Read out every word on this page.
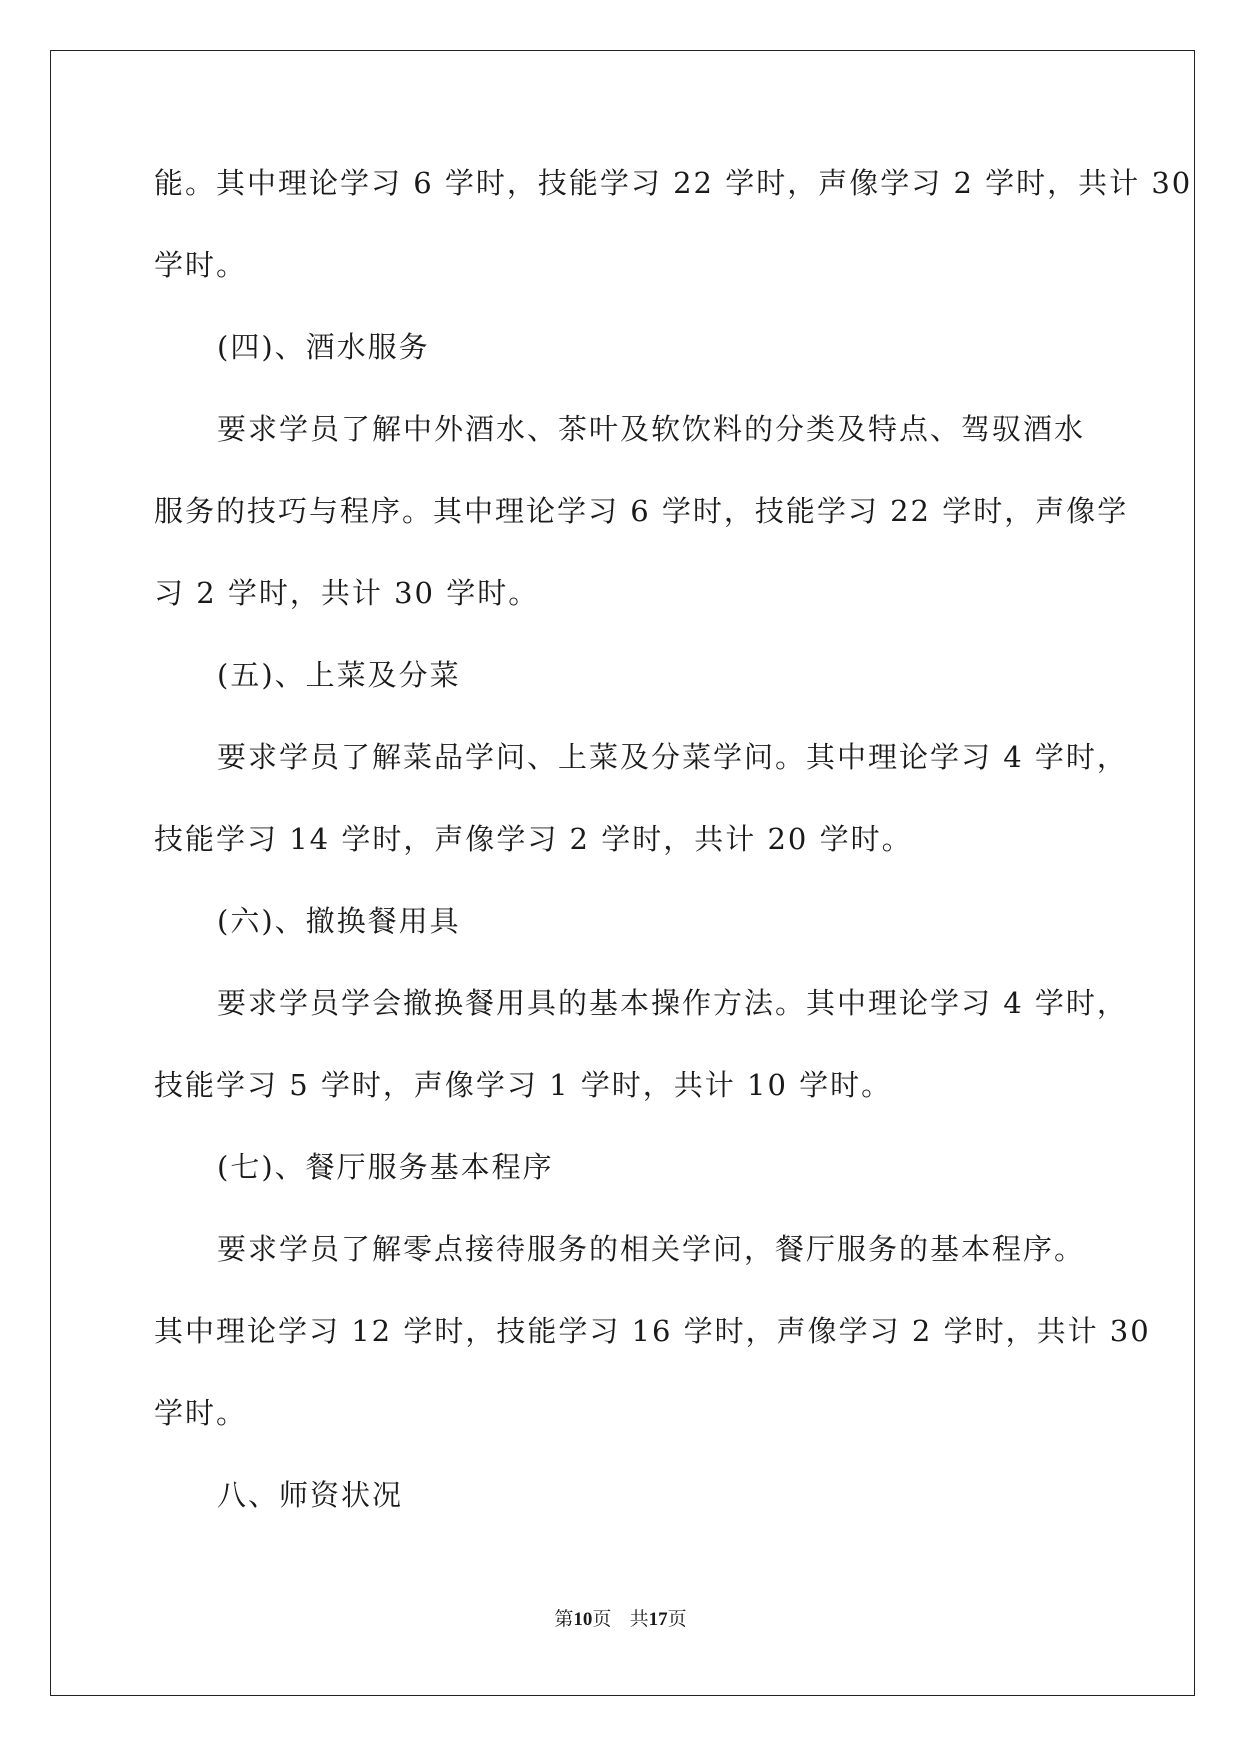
能。其中理论学习 6 学时，技能学习 22 学时，声像学习 2 学时，共计 30
学时。
(四)、酒水服务
要求学员了解中外酒水、茶叶及软饮料的分类及特点、驾驭酒水
服务的技巧与程序。其中理论学习 6 学时，技能学习 22 学时，声像学
习 2 学时，共计 30 学时。
(五)、上菜及分菜
要求学员了解菜品学问、上菜及分菜学问。其中理论学习 4 学时，
技能学习 14 学时，声像学习 2 学时，共计 20 学时。
(六)、撤换餐用具
要求学员学会撤换餐用具的基本操作方法。其中理论学习 4 学时，
技能学习 5 学时，声像学习 1 学时，共计 10 学时。
(七)、餐厅服务基本程序
要求学员了解零点接待服务的相关学问，餐厅服务的基本程序。
其中理论学习 12 学时，技能学习 16 学时，声像学习 2 学时，共计 30
学时。
八、师资状况
第10页 共17页
